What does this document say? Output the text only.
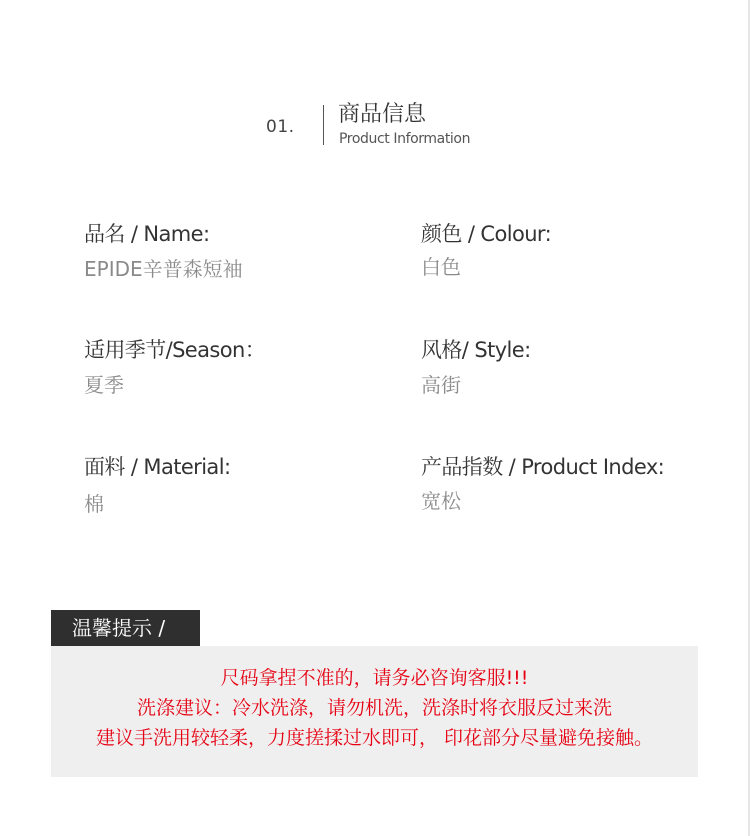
01. 商品信息
Product Information
品名 / Name:
EPIDE辛普森短袖
颜色 / Colour:
白色
适用季节/Season：
夏季
风格/ Style:
高街
面料 / Material:
棉
产品指数 / Product Index:
宽松
温馨提示 /
尺码拿捏不准的，请务必咨询客服!!!
洗涤建议：冷水洗涤，请勿机洗，洗涤时将衣服反过来洗
建议手洗用较轻柔，力度搓揉过水即可， 印花部分尽量避免接触。
